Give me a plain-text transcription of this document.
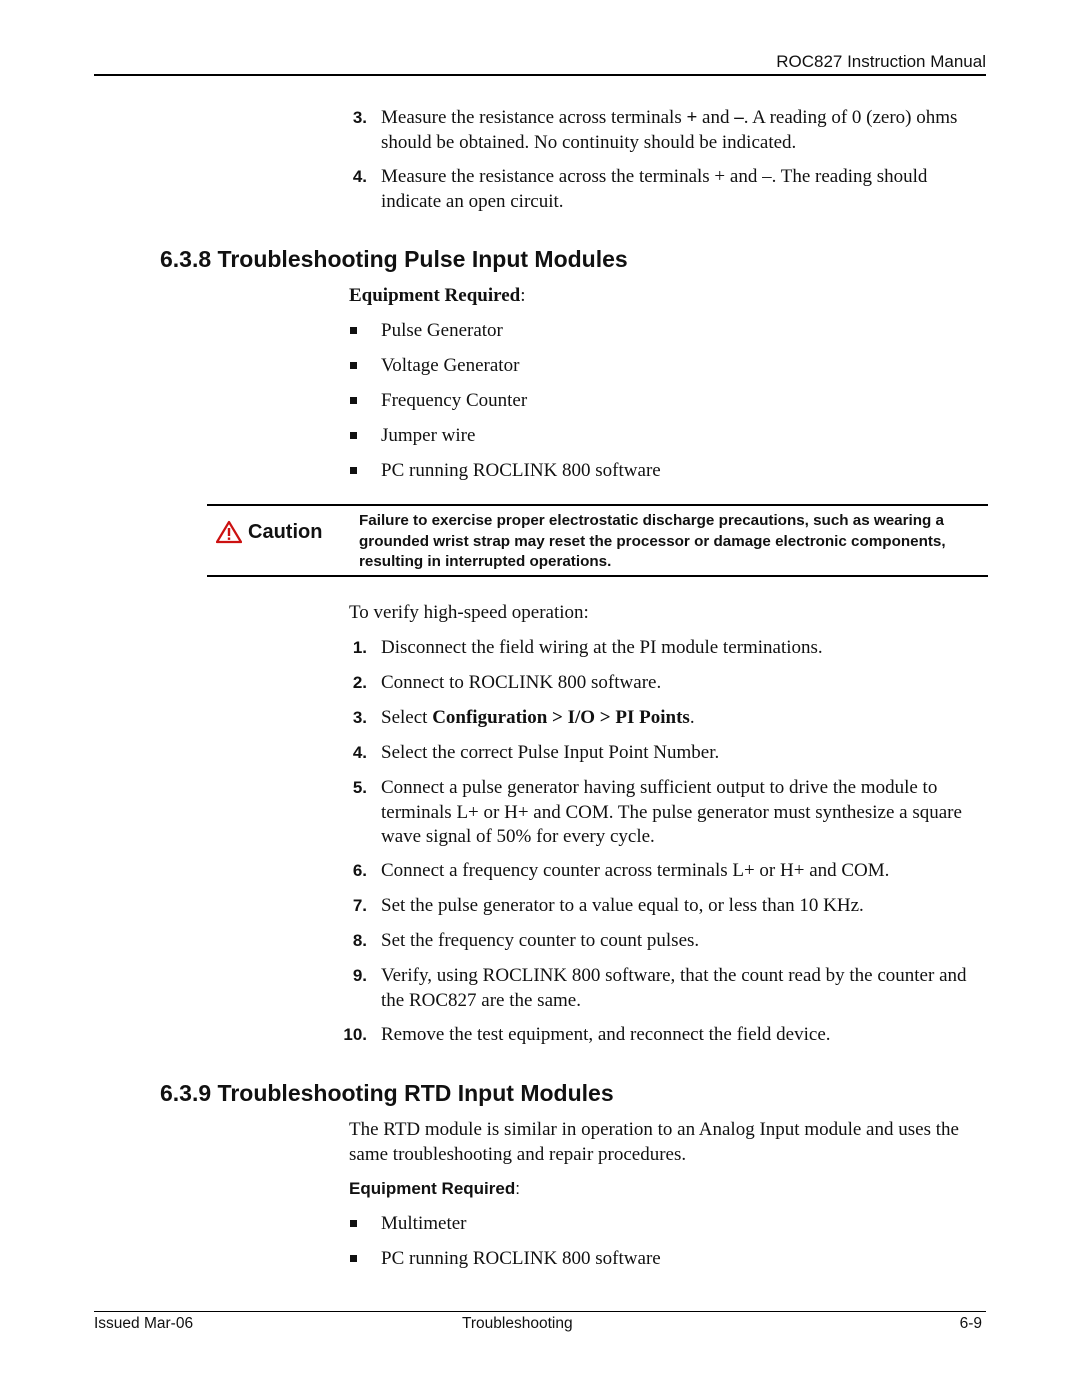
ROC827 Instruction Manual
3. Measure the resistance across terminals + and –. A reading of 0 (zero) ohms should be obtained. No continuity should be indicated.
4. Measure the resistance across the terminals + and –. The reading should indicate an open circuit.
6.3.8 Troubleshooting Pulse Input Modules
Equipment Required:
Pulse Generator
Voltage Generator
Frequency Counter
Jumper wire
PC running ROCLINK 800 software
Caution Failure to exercise proper electrostatic discharge precautions, such as wearing a grounded wrist strap may reset the processor or damage electronic components, resulting in interrupted operations.
To verify high-speed operation:
1. Disconnect the field wiring at the PI module terminations.
2. Connect to ROCLINK 800 software.
3. Select Configuration > I/O > PI Points.
4. Select the correct Pulse Input Point Number.
5. Connect a pulse generator having sufficient output to drive the module to terminals L+ or H+ and COM. The pulse generator must synthesize a square wave signal of 50% for every cycle.
6. Connect a frequency counter across terminals L+ or H+ and COM.
7. Set the pulse generator to a value equal to, or less than 10 KHz.
8. Set the frequency counter to count pulses.
9. Verify, using ROCLINK 800 software, that the count read by the counter and the ROC827 are the same.
10. Remove the test equipment, and reconnect the field device.
6.3.9 Troubleshooting RTD Input Modules
The RTD module is similar in operation to an Analog Input module and uses the same troubleshooting and repair procedures.
Equipment Required:
Multimeter
PC running ROCLINK 800 software
Issued Mar-06	Troubleshooting	6-9
